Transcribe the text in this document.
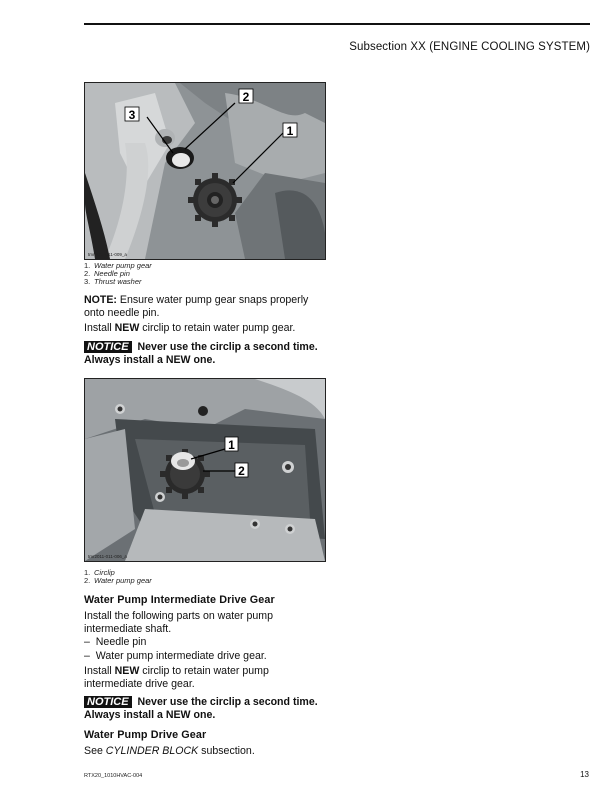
Subsection XX (ENGINE COOLING SYSTEM)
2
1
3
tmr2011-011-009_a
1. Water pump gear
2. Needle pin
3. Thrust washer
NOTE: Ensure water pump gear snaps properly onto needle pin.
Install NEW circlip to retain water pump gear.
NOTICE Never use the circlip a second time. Always install a NEW one.
1
2
tmr2011-011-006_a
1. Circlip
2. Water pump gear
Water Pump Intermediate Drive Gear
Install the following parts on water pump intermediate shaft.
–  Needle pin
–  Water pump intermediate drive gear.
Install NEW circlip to retain water pump intermediate drive gear.
NOTICE Never use the circlip a second time. Always install a NEW one.
Water Pump Drive Gear
See CYLINDER BLOCK subsection.
RTX20_1010HVAC-004	13
